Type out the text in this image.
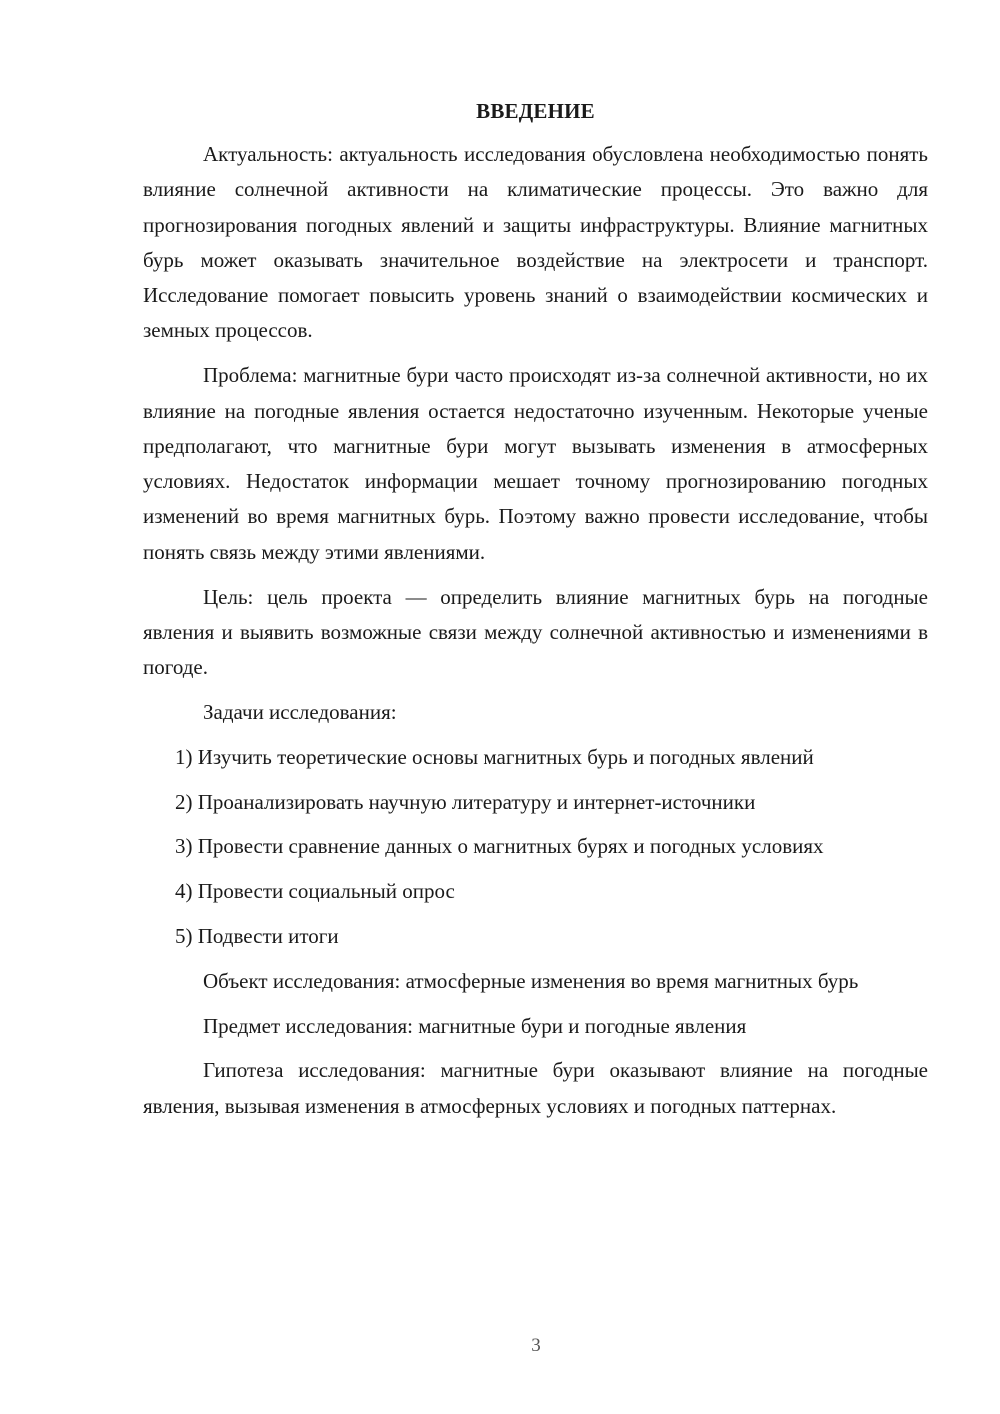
ВВЕДЕНИЕ

Актуальность: актуальность исследования обусловлена необходимостью понять влияние солнечной активности на климатические процессы. Это важно для прогнозирования погодных явлений и защиты инфраструктуры. Влияние магнитных бурь может оказывать значительное воздействие на электросети и транспорт. Исследование помогает повысить уровень знаний о взаимодействии космических и земных процессов.

Проблема: магнитные бури часто происходят из-за солнечной активности, но их влияние на погодные явления остается недостаточно изученным. Некоторые ученые предполагают, что магнитные бури могут вызывать изменения в атмосферных условиях. Недостаток информации мешает точному прогнозированию погодных изменений во время магнитных бурь. Поэтому важно провести исследование, чтобы понять связь между этими явлениями.

Цель: цель проекта — определить влияние магнитных бурь на погодные явления и выявить возможные связи между солнечной активностью и изменениями в погоде.

Задачи исследования:

1) Изучить теоретические основы магнитных бурь и погодных явлений

2) Проанализировать научную литературу и интернет-источники

3) Провести сравнение данных о магнитных бурях и погодных условиях

4) Провести социальный опрос

5) Подвести итоги

Объект исследования: атмосферные изменения во время магнитных бурь

Предмет исследования: магнитные бури и погодные явления

Гипотеза исследования: магнитные бури оказывают влияние на погодные явления, вызывая изменения в атмосферных условиях и погодных паттернах.

3
